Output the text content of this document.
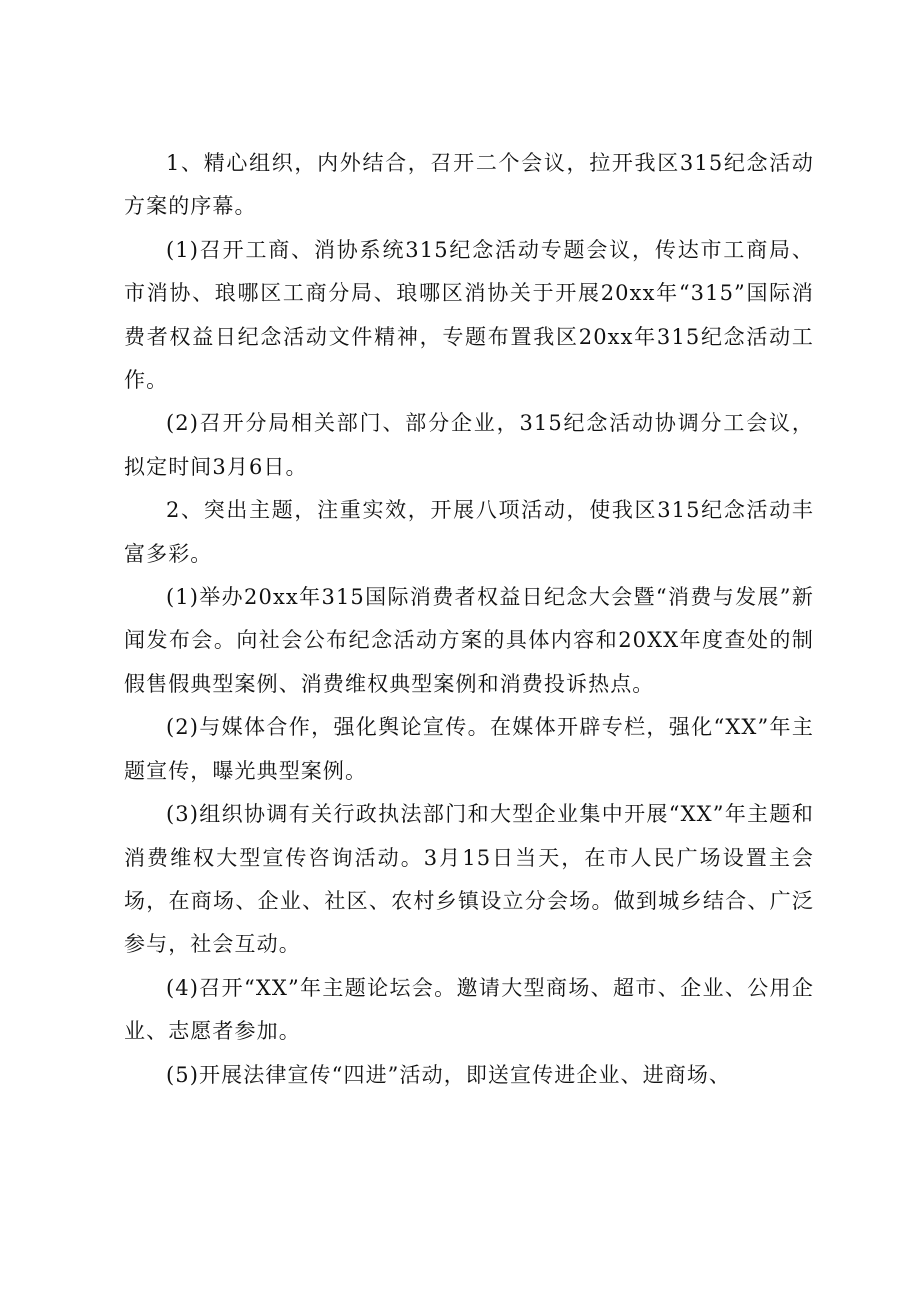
1、精心组织，内外结合，召开二个会议，拉开我区315纪念活动方案的序幕。

(1)召开工商、消协系统315纪念活动专题会议，传达市工商局、市消协、琅哪区工商分局、琅哪区消协关于开展20xx年“315”国际消费者权益日纪念活动文件精神，专题布置我区20xx年315纪念活动工作。

(2)召开分局相关部门、部分企业，315纪念活动协调分工会议，拟定时间3月6日。

2、突出主题，注重实效，开展八项活动，使我区315纪念活动丰富多彩。

(1)举办20xx年315国际消费者权益日纪念大会暨“消费与发展”新闻发布会。向社会公布纪念活动方案的具体内容和20XX年度查处的制假售假典型案例、消费维权典型案例和消费投诉热点。

(2)与媒体合作，强化舆论宣传。在媒体开辟专栏，强化“XX”年主题宣传，曝光典型案例。

(3)组织协调有关行政执法部门和大型企业集中开展“XX”年主题和消费维权大型宣传咨询活动。3月15日当天，在市人民广场设置主会场，在商场、企业、社区、农村乡镇设立分会场。做到城乡结合、广泛参与，社会互动。

(4)召开“XX”年主题论坛会。邀请大型商场、超市、企业、公用企业、志愿者参加。

(5)开展法律宣传“四进”活动，即送宣传进企业、进商场、
